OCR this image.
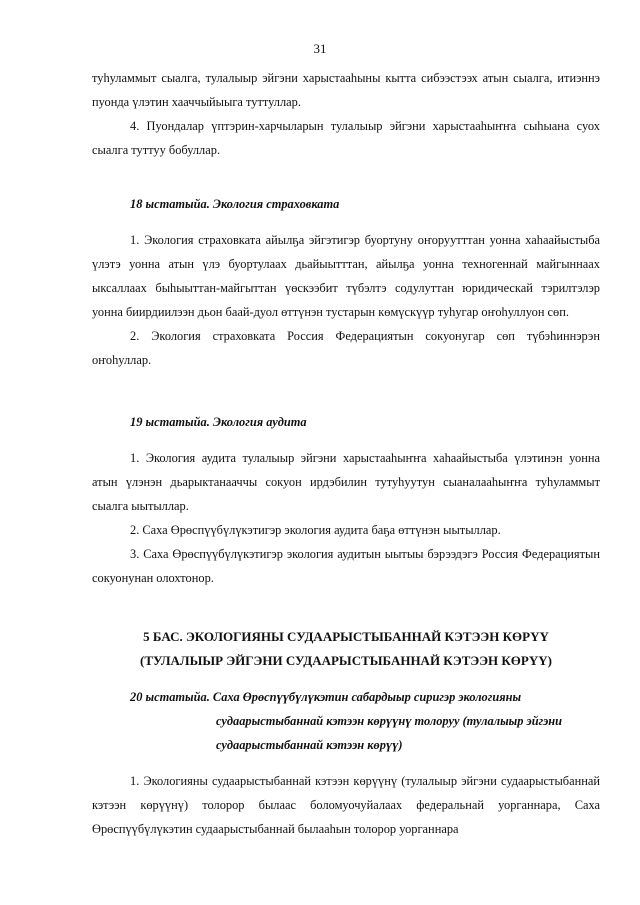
31

туһуламмыт сыалга, тулалыыр эйгэни харыстааһыны кытта сибээстээх атын сыалга, итиэннэ пуонда үлэтин хааччыйыыга туттуллар.

4. Пуондалар үптэрин-харчыларын тулалыыр эйгэни харыстааһыҥҥа сыһыана суох сыалга туттуу бобуллар.

18 ыстатыйа. Экология страховката

1. Экология страховката айылҕа эйгэтигэр буортуну оҥоруутттан уонна хаһаайыстыба үлэтэ уонна атын үлэ буортулаах дьайыытттан, айылҕа уонна техногеннай майгыннаах ыксаллаах быһыыттан-майгыттан үөскээбит түбэлтэ содулуттан юридическай тэрилтэлэр уонна биирдиилээн дьон баай-дуол өттүнэн тустарын көмүскүүр туһугар оҥоһуллуон сөп.

2. Экология страховката Россия Федерациятын сокуонугар сөп түбэһиннэрэн оҥоһуллар.

19 ыстатыйа. Экология аудита

1. Экология аудита тулалыыр эйгэни харыстааһыҥҥа хаһаайыстыба үлэтинэн уонна атын үлэнэн дьарыктанааччы сокуон ирдэбилин тутуһуутун сыаналааһыҥҥа туһуламмыт сыалга ыытыллар.

2. Саха Өрөспүүбүлүкэтигэр экология аудита баҕа өттүнэн ыытыллар.

3. Саха Өрөспүүбүлүкэтигэр экология аудитын ыытыы бэрээдэгэ Россия Федерациятын сокуонунан олохтонор.

5 БАС. ЭКОЛОГИЯНЫ СУДААРЫСТЫБАННАЙ КЭТЭЭН КӨРҮҮ

(ТУЛАЛЫЫР ЭЙГЭНИ СУДААРЫСТЫБАННАЙ КЭТЭЭН КӨРҮҮ)

20 ыстатыйа. Саха Өрөспүүбүлүкэтин сабардыыр сиригэр экологияны

судаарыстыбаннай кэтээн көрүүнү толоруу (тулалыыр эйгэни

судаарыстыбаннай кэтээн көрүү)

1. Экологияны судаарыстыбаннай кэтээн көрүүнү (тулалыыр эйгэни судаарыстыбаннай кэтээн көрүүнү) толорор былаас боломуочуйалаах федеральнай уорганнара, Саха Өрөспүүбүлүкэтин судаарыстыбаннай былааһын толорор уорганнара
